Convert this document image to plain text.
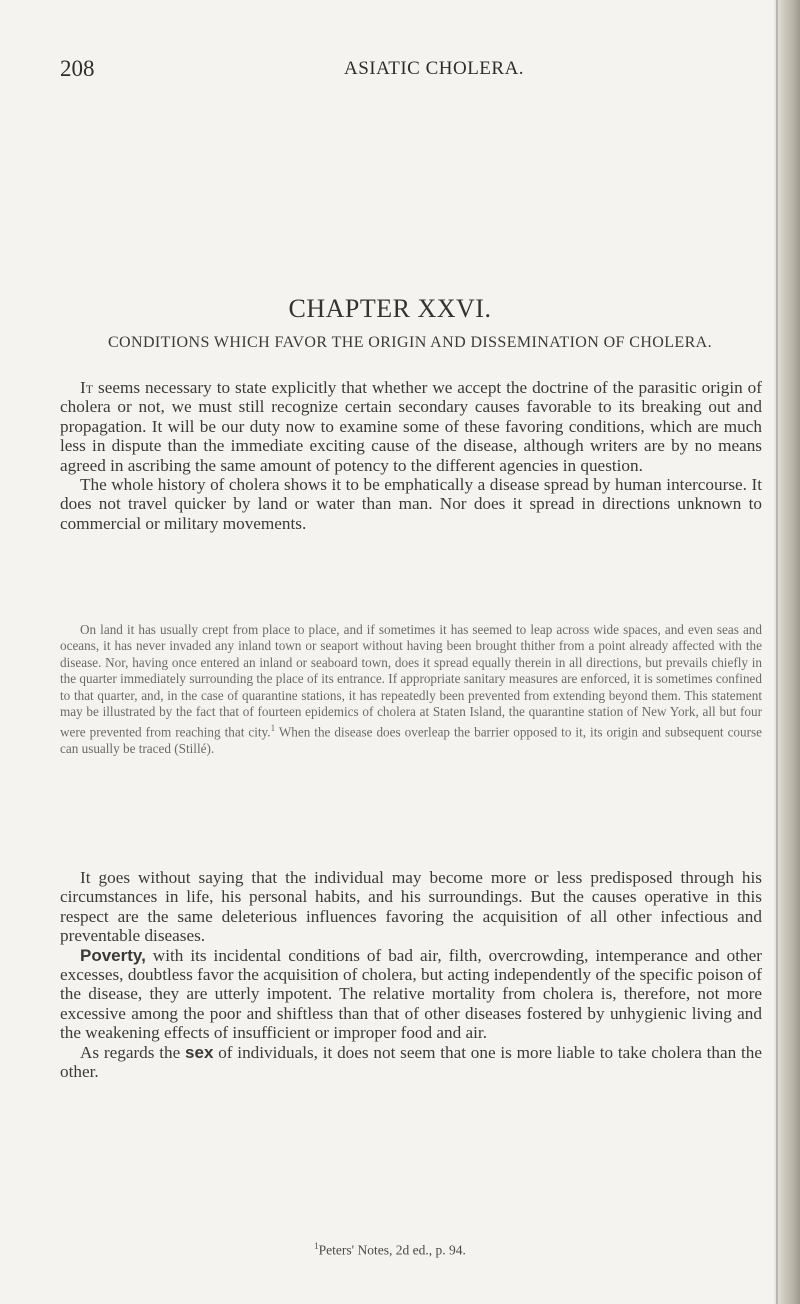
208	ASIATIC CHOLERA.
CHAPTER XXVI.
CONDITIONS WHICH FAVOR THE ORIGIN AND DISSEMINATION OF CHOLERA.

It seems necessary to state explicitly that whether we accept the doctrine of the parasitic origin of cholera or not, we must still recognize certain secondary causes favorable to its breaking out and propagation. It will be our duty now to examine some of these favoring conditions, which are much less in dispute than the immediate exciting cause of the disease, although writers are by no means agreed in ascribing the same amount of potency to the different agencies in question.

The whole history of cholera shows it to be emphatically a disease spread by human intercourse. It does not travel quicker by land or water than man. Nor does it spread in directions unknown to commercial or military movements.

On land it has usually crept from place to place, and if sometimes it has seemed to leap across wide spaces, and even seas and oceans, it has never invaded any inland town or seaport without having been brought thither from a point already affected with the disease. Nor, having once entered an inland or seaboard town, does it spread equally therein in all directions, but prevails chiefly in the quarter immediately surrounding the place of its entrance. If appropriate sanitary measures are enforced, it is sometimes confined to that quarter, and, in the case of quarantine stations, it has repeatedly been prevented from extending beyond them. This statement may be illustrated by the fact that of fourteen epidemics of cholera at Staten Island, the quarantine station of New York, all but four were prevented from reaching that city.$^1$ When the disease does overleap the barrier opposed to it, its origin and subsequent course can usually be traced (Stillé).

It goes without saying that the individual may become more or less predisposed through his circumstances in life, his personal habits, and his surroundings. But the causes operative in this respect are the same deleterious influences favoring the acquisition of all other infectious and preventable diseases.

Poverty, with its incidental conditions of bad air, filth, overcrowding, intemperance and other excesses, doubtless favor the acquisition of cholera, but acting independently of the specific poison of the disease, they are utterly impotent. The relative mortality from cholera is, therefore, not more excessive among the poor and shiftless than that of other diseases fostered by unhygienic living and the weakening effects of insufficient or improper food and air.

As regards the sex of individuals, it does not seem that one is more liable to take cholera than the other.

$^1$Peters' Notes, 2d ed., p. 94.
